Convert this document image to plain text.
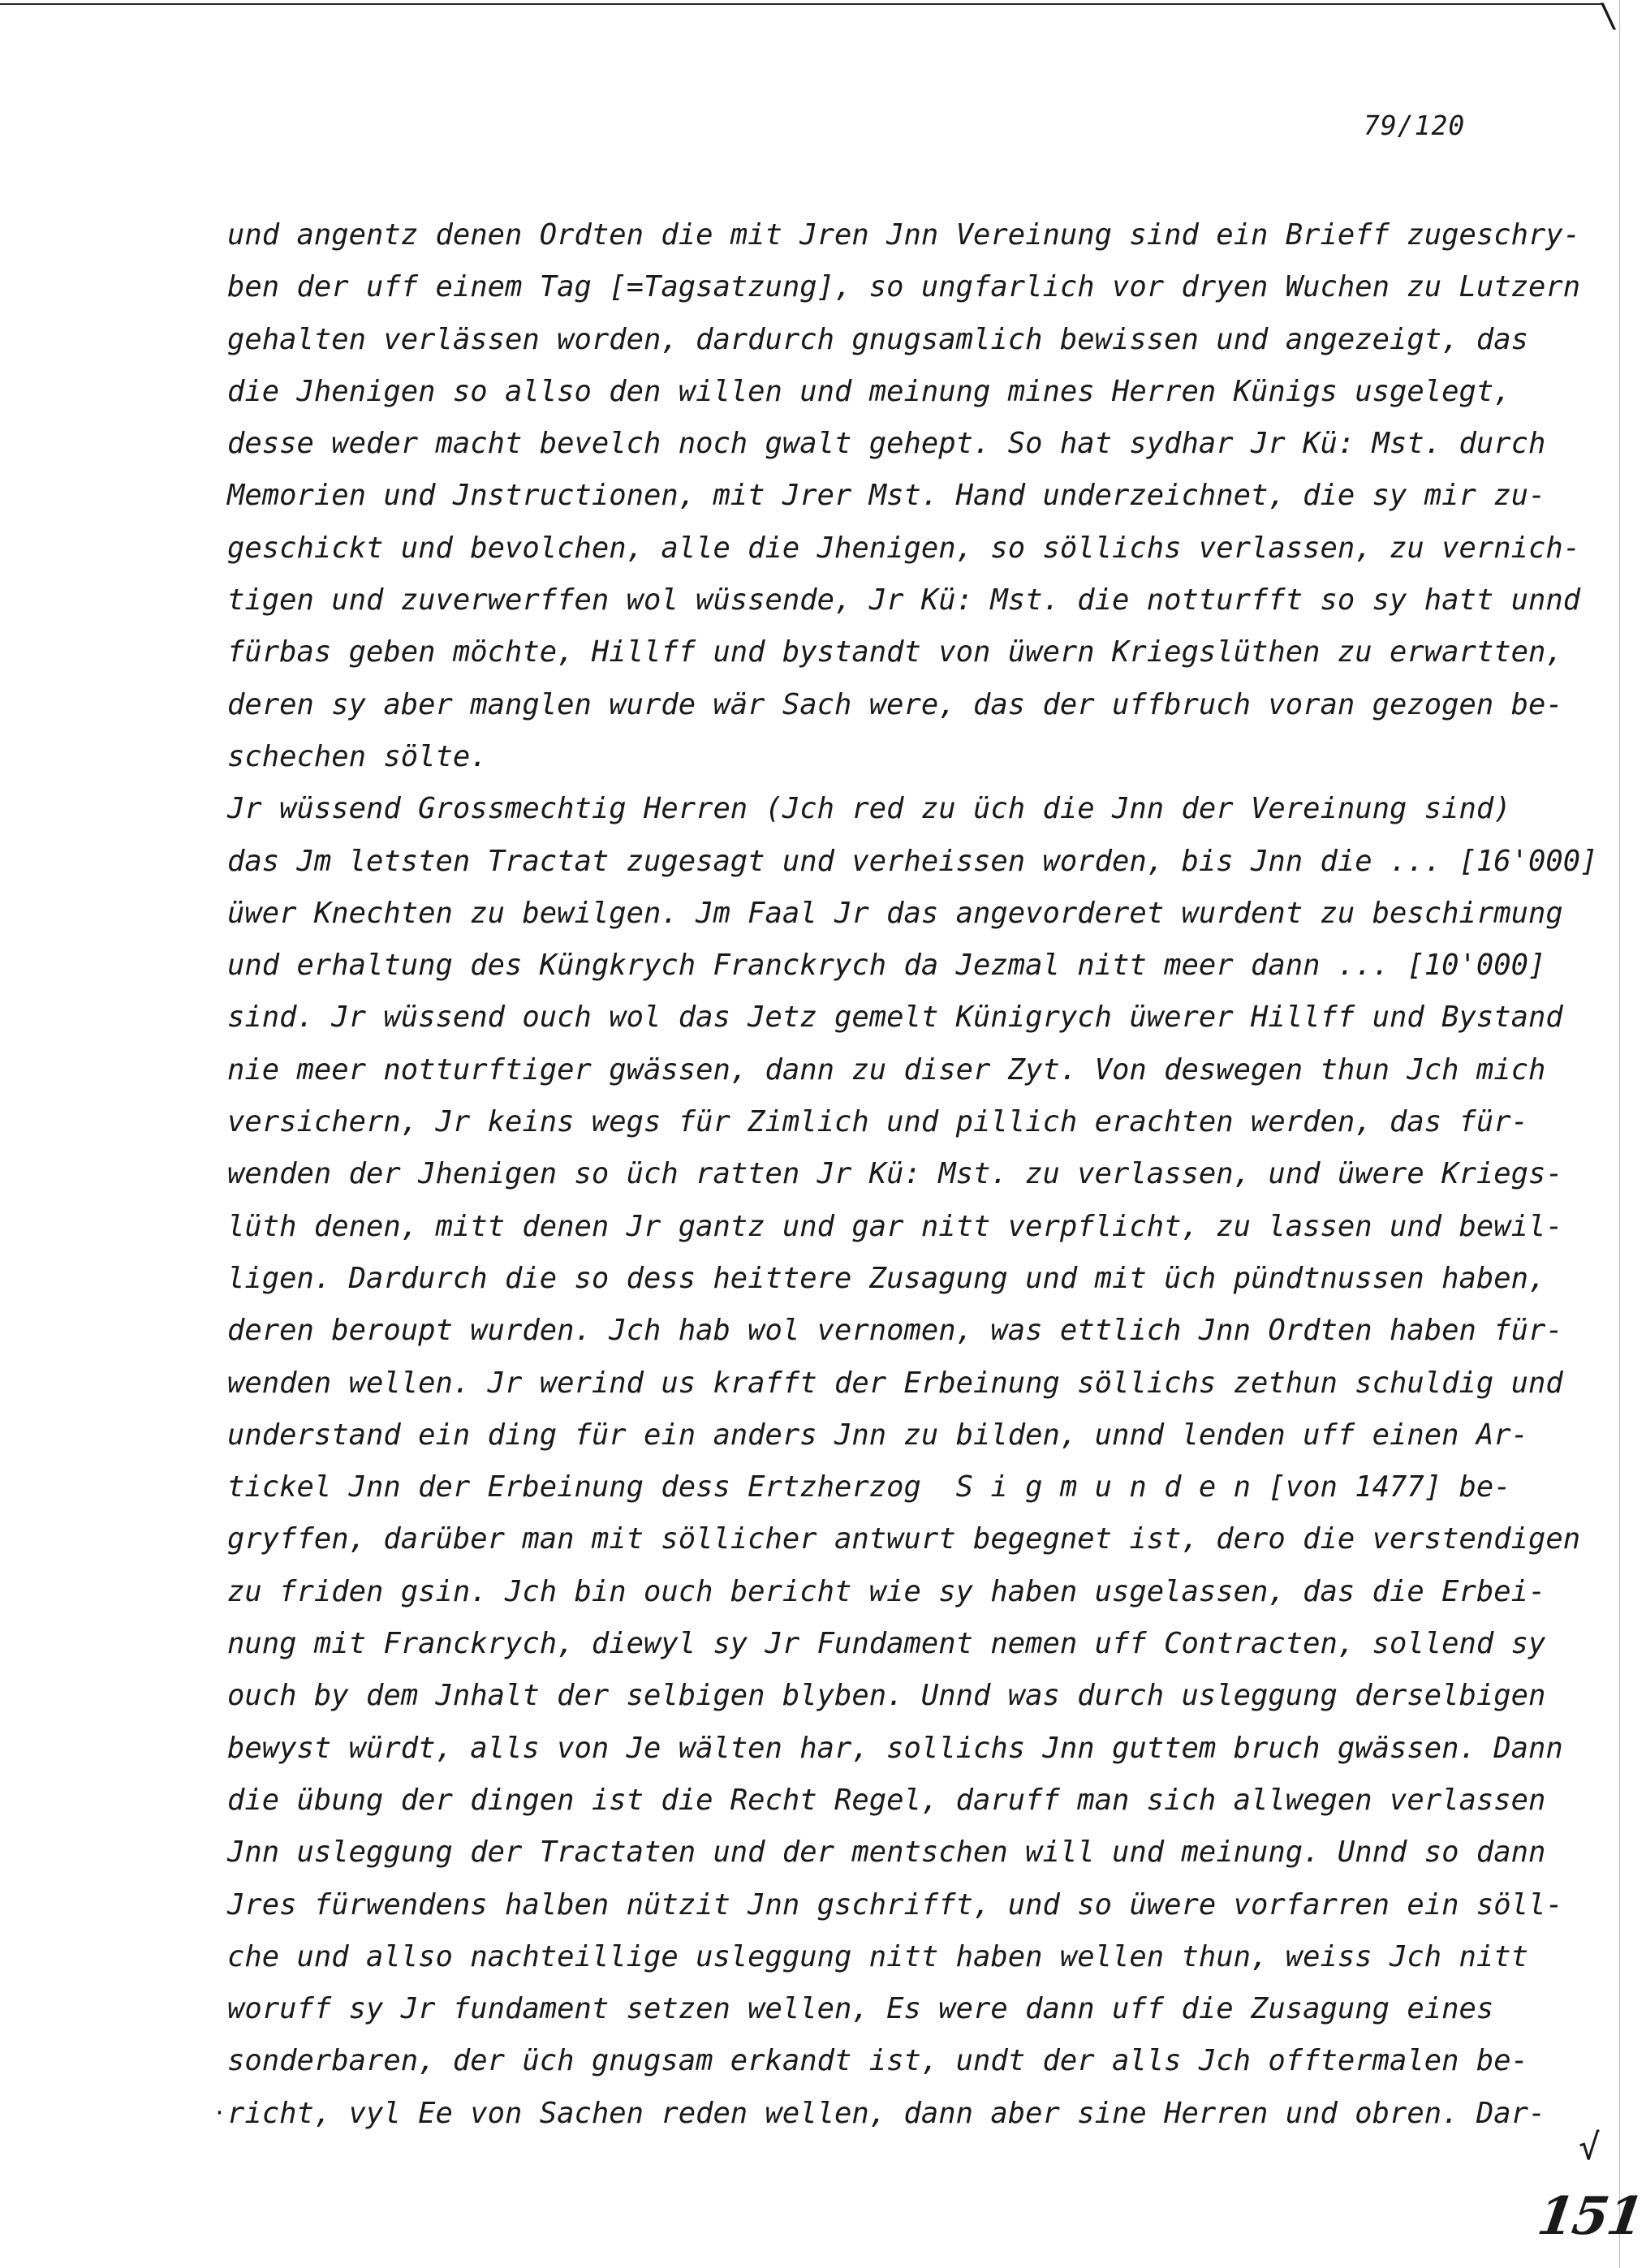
\
79/120
und angentz denen Ordten die mit Jren Jnn Vereinung sind ein Brieff zugeschry-
ben der uff einem Tag [=Tagsatzung], so ungfarlich vor dryen Wuchen zu Lutzern
gehalten verlässen worden, dardurch gnugsamlich bewissen und angezeigt, das
die Jhenigen so allso den willen und meinung mines Herren Künigs usgelegt,
desse weder macht bevelch noch gwalt gehept. So hat sydhar Jr Kü: Mst. durch
Memorien und Jnstructionen, mit Jrer Mst. Hand underzeichnet, die sy mir zu-
geschickt und bevolchen, alle die Jhenigen, so söllichs verlassen, zu vernich-
tigen und zuverwerffen wol wüssende, Jr Kü: Mst. die notturfft so sy hatt unnd
fürbas geben möchte, Hillff und bystandt von üwern Kriegslüthen zu erwartten,
deren sy aber manglen wurde wär Sach were, das der uffbruch voran gezogen be-
schechen sölte.
Jr wüssend Grossmechtig Herren (Jch red zu üch die Jnn der Vereinung sind)
das Jm letsten Tractat zugesagt und verheissen worden, bis Jnn die ... [16'000]
üwer Knechten zu bewilgen. Jm Faal Jr das angevorderet wurdent zu beschirmung
und erhaltung des Küngkrych Franckrych da Jezmal nitt meer dann ... [10'000]
sind. Jr wüssend ouch wol das Jetz gemelt Künigrych üwerer Hillff und Bystand
nie meer notturftiger gwässen, dann zu diser Zyt. Von deswegen thun Jch mich
versichern, Jr keins wegs für Zimlich und pillich erachten werden, das für-
wenden der Jhenigen so üch ratten Jr Kü: Mst. zu verlassen, und üwere Kriegs-
lüth denen, mitt denen Jr gantz und gar nitt verpflicht, zu lassen und bewil-
ligen. Dardurch die so dess heittere Zusagung und mit üch pündtnussen haben,
deren beroupt wurden. Jch hab wol vernomen, was ettlich Jnn Ordten haben für-
wenden wellen. Jr werind us krafft der Erbeinung söllichs zethun schuldig und
understand ein ding für ein anders Jnn zu bilden, unnd lenden uff einen Ar-
tickel Jnn der Erbeinung dess Ertzherzog  S i g m u n d e n [von 1477] be-
gryffen, darüber man mit söllicher antwurt begegnet ist, dero die verstendigen
zu friden gsin. Jch bin ouch bericht wie sy haben usgelassen, das die Erbei-
nung mit Franckrych, diewyl sy Jr Fundament nemen uff Contracten, sollend sy
ouch by dem Jnhalt der selbigen blyben. Unnd was durch usleggung derselbigen
bewyst würdt, alls von Je wälten har, sollichs Jnn guttem bruch gwässen. Dann
die übung der dingen ist die Recht Regel, daruff man sich allwegen verlassen
Jnn usleggung der Tractaten und der mentschen will und meinung. Unnd so dann
Jres fürwendens halben nützit Jnn gschrifft, und so üwere vorfarren ein söll-
che und allso nachteillige usleggung nitt haben wellen thun, weiss Jch nitt
woruff sy Jr fundament setzen wellen, Es were dann uff die Zusagung eines
sonderbaren, der üch gnugsam erkandt ist, undt der alls Jch offtermalen be-
richt, vyl Ee von Sachen reden wellen, dann aber sine Herren und obren. Dar-
·
√
151
